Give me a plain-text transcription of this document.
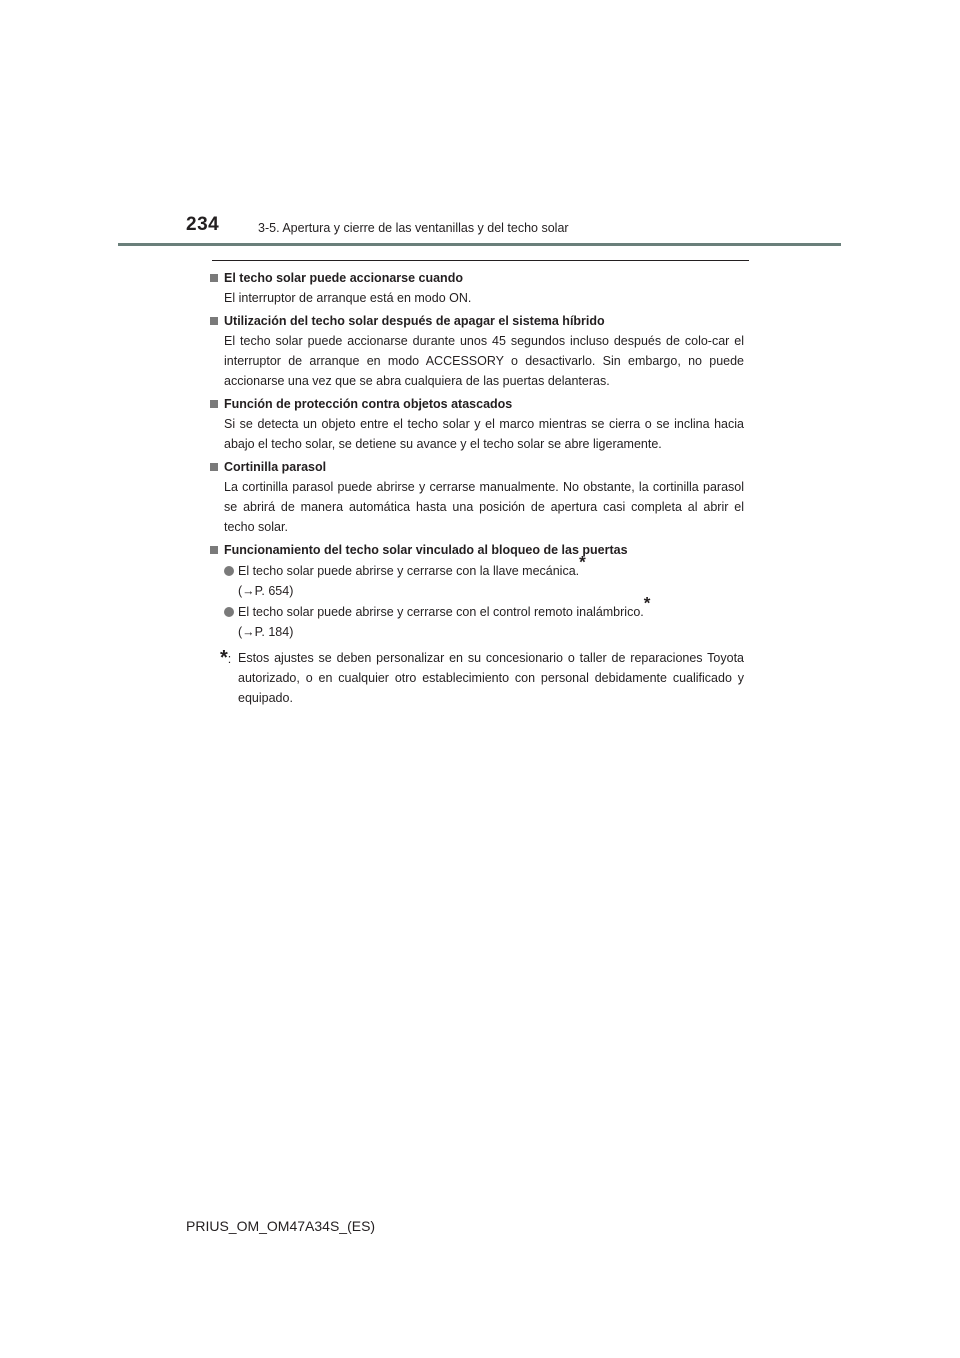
234	3-5. Apertura y cierre de las ventanillas y del techo solar
El techo solar puede accionarse cuando
El interruptor de arranque está en modo ON.
Utilización del techo solar después de apagar el sistema híbrido
El techo solar puede accionarse durante unos 45 segundos incluso después de colo-car el interruptor de arranque en modo ACCESSORY o desactivarlo. Sin embargo, no puede accionarse una vez que se abra cualquiera de las puertas delanteras.
Función de protección contra objetos atascados
Si se detecta un objeto entre el techo solar y el marco mientras se cierra o se inclina hacia abajo el techo solar, se detiene su avance y el techo solar se abre ligeramente.
Cortinilla parasol
La cortinilla parasol puede abrirse y cerrarse manualmente. No obstante, la cortinilla parasol se abrirá de manera automática hasta una posición de apertura casi completa al abrir el techo solar.
Funcionamiento del techo solar vinculado al bloqueo de las puertas
El techo solar puede abrirse y cerrarse con la llave mecánica.*
(→P. 654)
El techo solar puede abrirse y cerrarse con el control remoto inalámbrico.*
(→P. 184)
*: Estos ajustes se deben personalizar en su concesionario o taller de reparaciones Toyota autorizado, o en cualquier otro establecimiento con personal debidamente cualificado y equipado.
PRIUS_OM_OM47A34S_(ES)
